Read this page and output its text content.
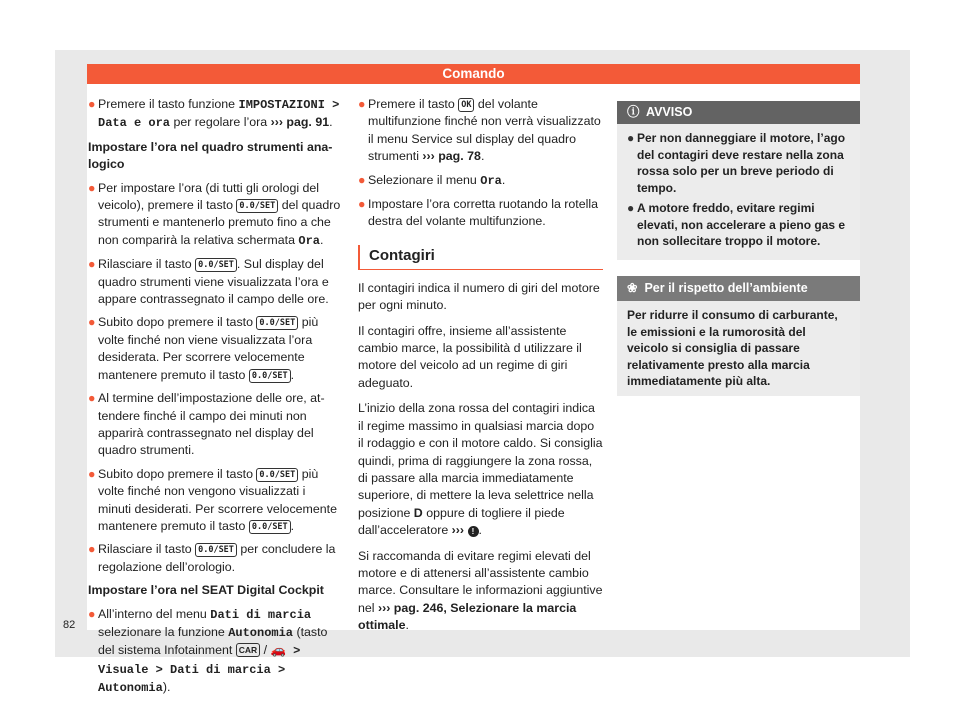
Comando
● Premere il tasto funzione IMPOSTAZIONI > Data e ora per regolare l’ora ››› pag. 91.
Impostare l’ora nel quadro strumenti analogico
● Per impostare l’ora (di tutti gli orologi del veicolo), premere il tasto 0.0/SET del quadro strumenti e mantenerlo premuto fino a che non comparirà la relativa schermata Ora.
● Rilasciare il tasto 0.0/SET . Sul display del quadro strumenti viene visualizzata l’ora e appare contrassegnato il campo delle ore.
● Subito dopo premere il tasto 0.0/SET più volte finché non viene visualizzata l’ora desiderata. Per scorrere velocemente mantenere premuto il tasto 0.0/SET .
● Al termine dell’impostazione delle ore, attendere finché il campo dei minuti non apparirà contrassegnato nel display del quadro strumenti.
● Subito dopo premere il tasto 0.0/SET più volte finché non vengono visualizzati i minuti desiderati. Per scorrere velocemente mantenere premuto il tasto 0.0/SET .
● Rilasciare il tasto 0.0/SET per concludere la regolazione dell’orologio.
Impostare l’ora nel SEAT Digital Cockpit
● All’interno del menu Dati di marcia selezionare la funzione Autonomia (tasto del sistema Infotainment CAR / 🚗 > Visuale > Dati di marcia > Autonomia).
● Premere il tasto OK del volante multifunzione finché non verrà visualizzato il menu Service sul display del quadro strumenti ››› pag. 78.
● Selezionare il menu Ora.
● Impostare l’ora corretta ruotando la rotella destra del volante multifunzione.
Contagiri

Il contagiri indica il numero di giri del motore per ogni minuto.

Il contagiri offre, insieme all’assistente cambio marce, la possibilità d utilizzare il motore del veicolo ad un regime di giri adeguato.

L’inizio della zona rossa del contagiri indica il regime massimo in qualsiasi marcia dopo il rodaggio e con il motore caldo. Si consiglia quindi, prima di raggiungere la zona rossa, di passare alla marcia immediatamente superiore, di mettere la leva selettrice nella posizione D oppure di togliere il piede dall’acceleratore ››› ! .

Si raccomanda di evitare regimi elevati del motore e di attenersi all’assistente cambio marce. Consultare le informazioni aggiuntive nel ››› pag. 246, Selezionare la marcia ottimale.

ⓘ AVVISO
● Per non danneggiare il motore, l’ago del contagiri deve restare nella zona rossa solo per un breve periodo di tempo.
● A motore freddo, evitare regimi elevati, non accelerare a pieno gas e non sollecitare troppo il motore.
❀ Per il rispetto dell’ambiente
Per ridurre il consumo di carburante, le emissioni e la rumorosità del veicolo si consiglia di passare relativamente presto alla marcia immediatamente più alta.
82
